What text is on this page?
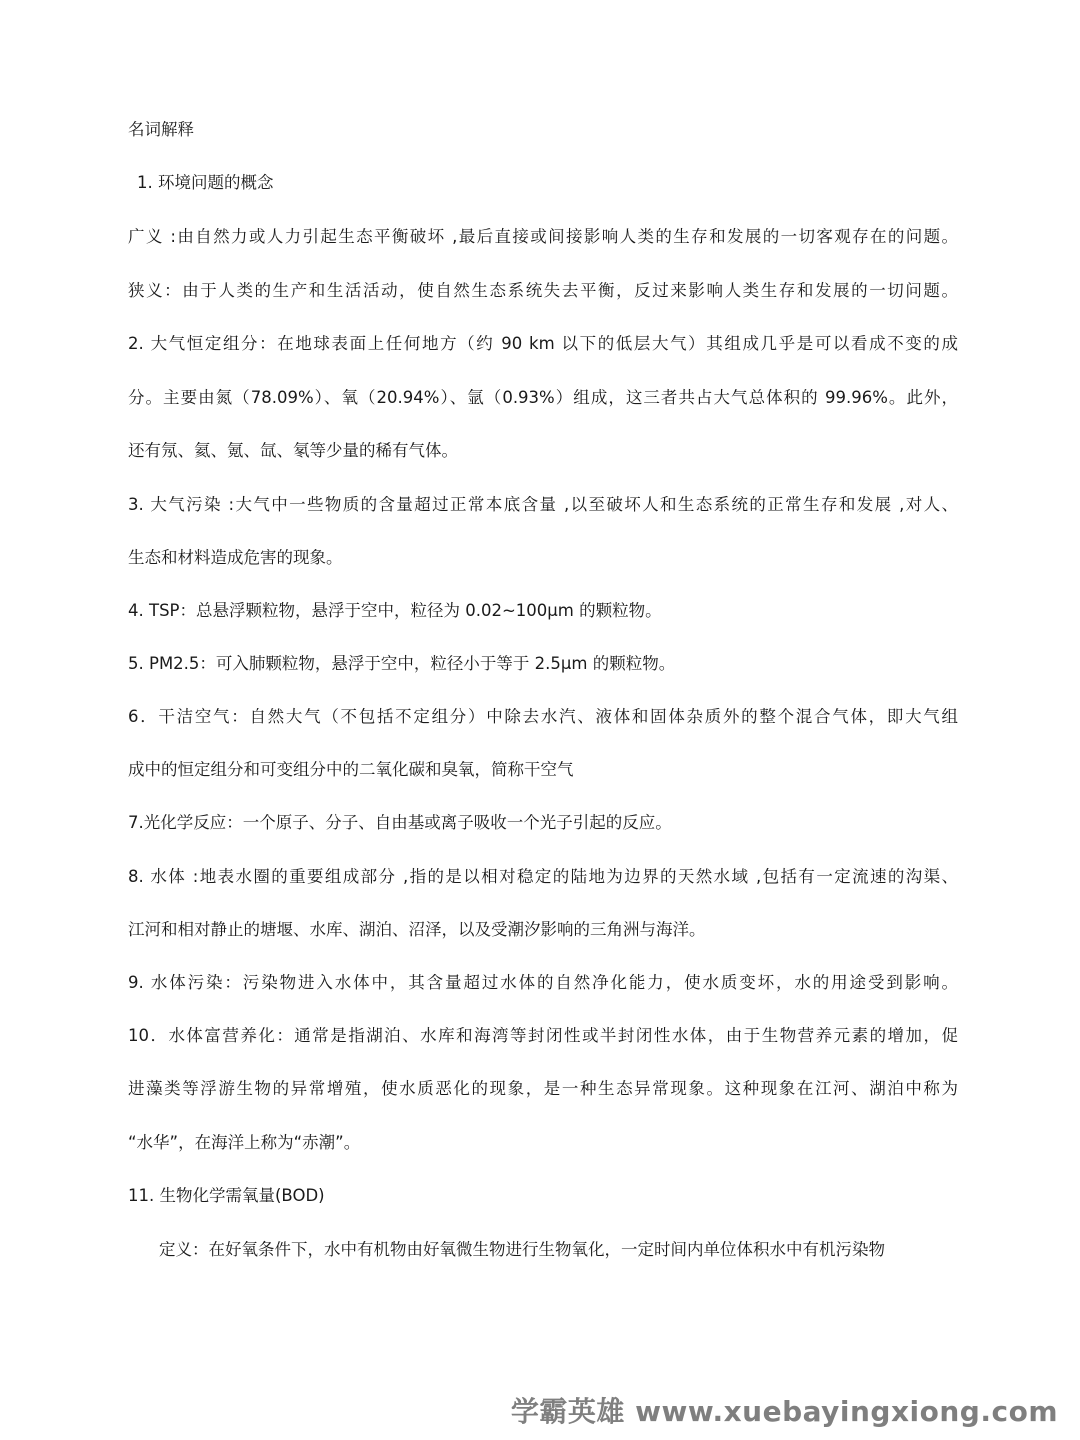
名词解释
1. 环境问题的概念
广义 :由自然力或人力引起生态平衡破坏 ,最后直接或间接影响人类的生存和发展的一切客观存在的问题。
狭义：由于人类的生产和生活活动，使自然生态系统失去平衡，反过来影响人类生存和发展的一切问题。
2. 大气恒定组分：在地球表面上任何地方（约 90 km 以下的低层大气）其组成几乎是可以看成不变的成
分。主要由氮（78.09%）、氧（20.94%）、氩（0.93%）组成，这三者共占大气总体积的 99.96%。此外，
还有氖、氦、氪、氙、氡等少量的稀有气体。
3. 大气污染 :大气中一些物质的含量超过正常本底含量 ,以至破坏人和生态系统的正常生存和发展 ,对人、
生态和材料造成危害的现象。
4. TSP：总悬浮颗粒物，悬浮于空中，粒径为 0.02~100μm 的颗粒物。
5. PM2.5：可入肺颗粒物，悬浮于空中，粒径小于等于 2.5μm 的颗粒物。
6．干洁空气：自然大气（不包括不定组分）中除去水汽、液体和固体杂质外的整个混合气体，即大气组
成中的恒定组分和可变组分中的二氧化碳和臭氧，简称干空气
7.光化学反应：一个原子、分子、自由基或离子吸收一个光子引起的反应。
8. 水体 :地表水圈的重要组成部分 ,指的是以相对稳定的陆地为边界的天然水域 ,包括有一定流速的沟渠、
江河和相对静止的塘堰、水库、湖泊、沼泽，以及受潮汐影响的三角洲与海洋。
9. 水体污染：污染物进入水体中，其含量超过水体的自然净化能力，使水质变坏，水的用途受到影响。
10．水体富营养化：通常是指湖泊、水库和海湾等封闭性或半封闭性水体，由于生物营养元素的增加，促
进藻类等浮游生物的异常增殖，使水质恶化的现象，是一种生态异常现象。这种现象在江河、湖泊中称为
“水华”，在海洋上称为“赤潮”。
11. 生物化学需氧量(BOD)
定义：在好氧条件下，水中有机物由好氧微生物进行生物氧化，一定时间内单位体积水中有机污染物
学霸英雄 www.xuebayingxiong.com
